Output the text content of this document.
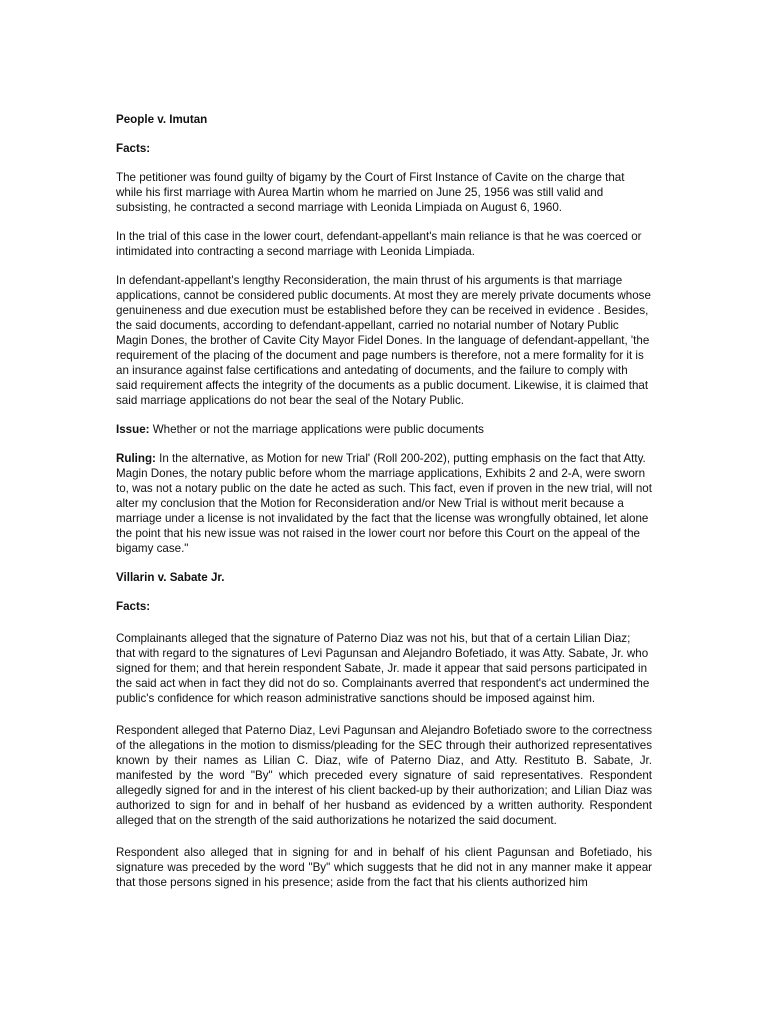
People v. Imutan
Facts:
The petitioner was found guilty of bigamy by the Court of First Instance of Cavite on the charge that while his first marriage with Aurea Martin whom he married on June 25, 1956 was still valid and subsisting, he contracted a second marriage with Leonida Limpiada on August 6, 1960.
In the trial of this case in the lower court, defendant-appellant's main reliance is that he was coerced or intimidated into contracting a second marriage with Leonida Limpiada.
In defendant-appellant's lengthy Reconsideration, the main thrust of his arguments is that marriage applications, cannot be considered public documents. At most they are merely private documents whose genuineness and due execution must be established before they can be received in evidence . Besides, the said documents, according to defendant-appellant, carried no notarial number of Notary Public Magin Dones, the brother of Cavite City Mayor Fidel Dones. In the language of defendant-appellant, 'the requirement of the placing of the document and page numbers is therefore, not a mere formality for it is an insurance against false certifications and antedating of documents, and the failure to comply with said requirement affects the integrity of the documents as a public document. Likewise, it is claimed that said marriage applications do not bear the seal of the Notary Public.
Issue: Whether or not the marriage applications were public documents
Ruling: In the alternative, as Motion for new Trial' (Roll 200-202), putting emphasis on the fact that Atty. Magin Dones, the notary public before whom the marriage applications, Exhibits 2 and 2-A, were sworn to, was not a notary public on the date he acted as such. This fact, even if proven in the new trial, will not alter my conclusion that the Motion for Reconsideration and/or New Trial is without merit because a marriage under a license is not invalidated by the fact that the license was wrongfully obtained, let alone the point that his new issue was not raised in the lower court nor before this Court on the appeal of the bigamy case."
Villarin v. Sabate Jr.
Facts:
Complainants alleged that the signature of Paterno Diaz was not his, but that of a certain Lilian Diaz; that with regard to the signatures of Levi Pagunsan and Alejandro Bofetiado, it was Atty. Sabate, Jr. who signed for them; and that herein respondent Sabate, Jr. made it appear that said persons participated in the said act when in fact they did not do so. Complainants averred that respondent's act undermined the public's confidence for which reason administrative sanctions should be imposed against him.
Respondent alleged that Paterno Diaz, Levi Pagunsan and Alejandro Bofetiado swore to the correctness of the allegations in the motion to dismiss/pleading for the SEC through their authorized representatives known by their names as Lilian C. Diaz, wife of Paterno Diaz, and Atty. Restituto B. Sabate, Jr. manifested by the word "By" which preceded every signature of said representatives. Respondent allegedly signed for and in the interest of his client backed-up by their authorization; and Lilian Diaz was authorized to sign for and in behalf of her husband as evidenced by a written authority. Respondent alleged that on the strength of the said authorizations he notarized the said document.
Respondent also alleged that in signing for and in behalf of his client Pagunsan and Bofetiado, his signature was preceded by the word "By" which suggests that he did not in any manner make it appear that those persons signed in his presence; aside from the fact that his clients authorized him
